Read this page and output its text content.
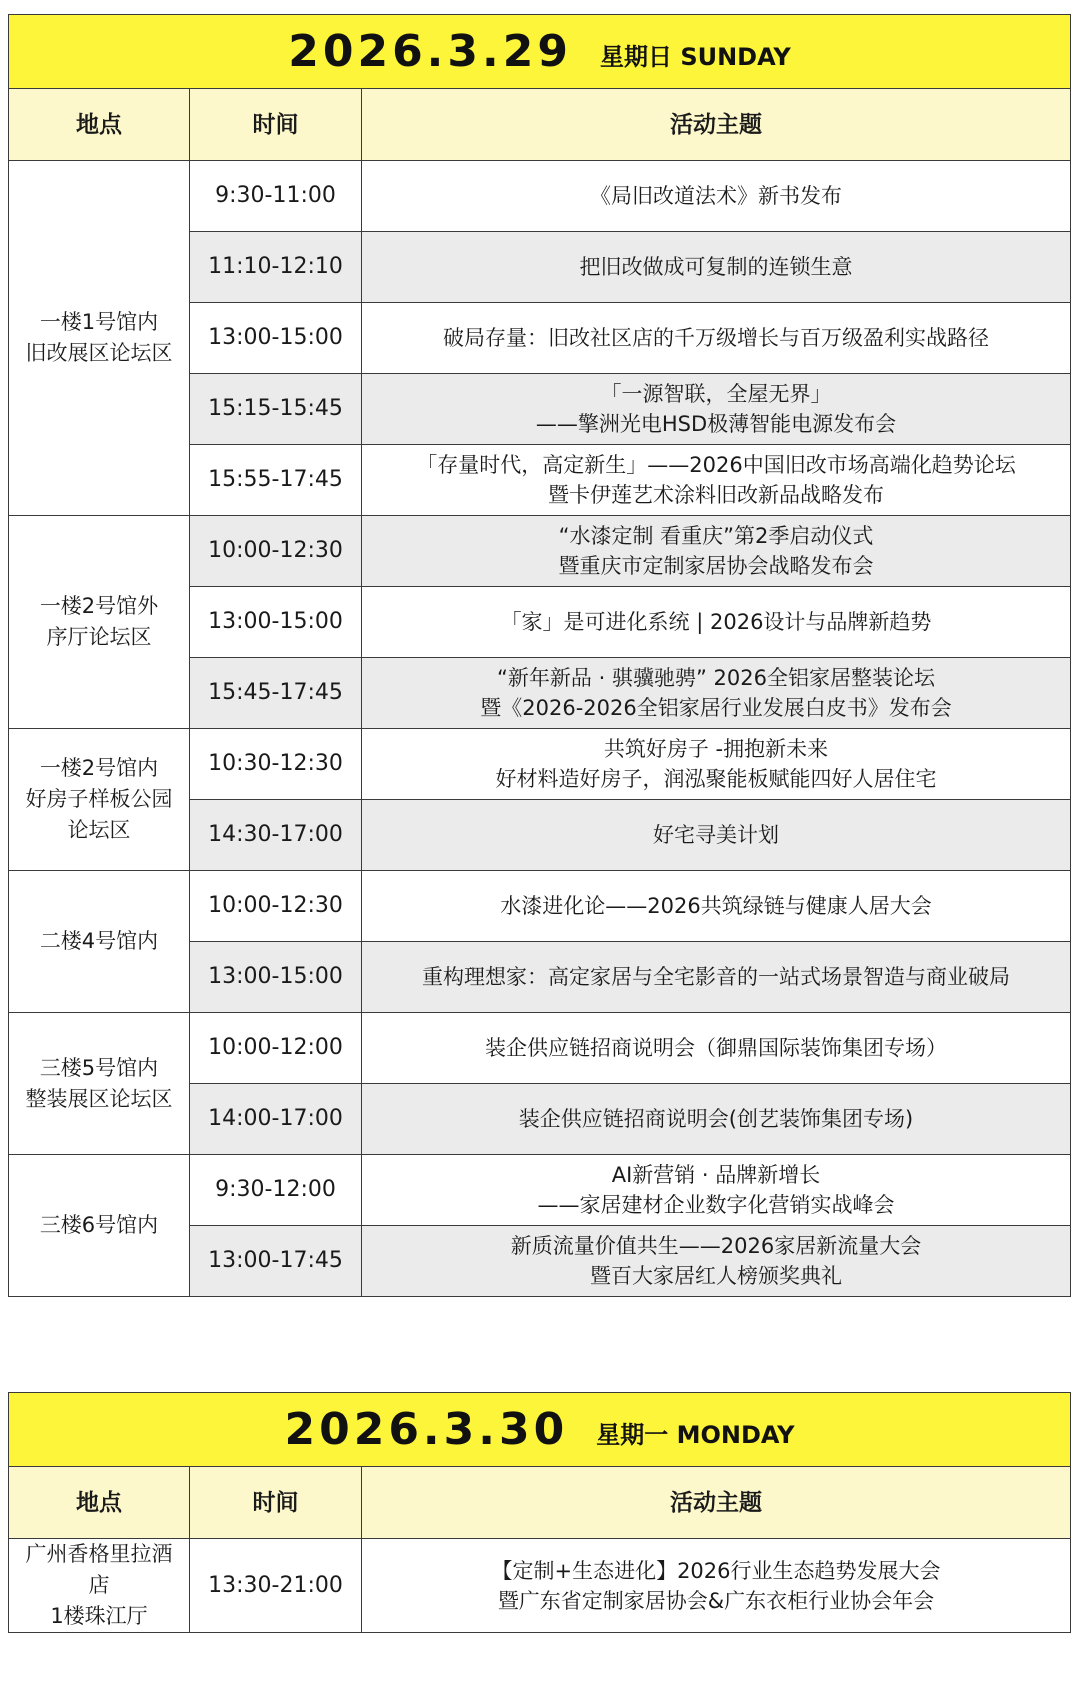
2026.3.29 星期日 SUNDAY
地点	时间	活动主题

一楼1号馆内
旧改展区论坛区	9:30-11:00	《局旧改道法术》新书发布

	11:10-12:10	把旧改做成可复制的连锁生意

	13:00-15:00	破局存量：旧改社区店的千万级增长与百万级盈利实战路径

	15:15-15:45	「一源智联，全屋无界」
——擎洲光电HSD极薄智能电源发布会

	15:55-17:45	「存量时代，高定新生」——2026中国旧改市场高端化趋势论坛
暨卡伊莲艺术涂料旧改新品战略发布

一楼2号馆外
序厅论坛区	10:00-12:30	“水漆定制 看重庆”第2季启动仪式
暨重庆市定制家居协会战略发布会

	13:00-15:00	「家」是可进化系统 | 2026设计与品牌新趋势

	15:45-17:45	“新年新品 · 骐骥驰骋” 2026全铝家居整装论坛
暨《2026-2026全铝家居行业发展白皮书》发布会

一楼2号馆内
好房子样板公园
论坛区	10:30-12:30	共筑好房子 -拥抱新未来
好材料造好房子，润泓聚能板赋能四好人居住宅

	14:30-17:00	好宅寻美计划

二楼4号馆内	10:00-12:30	水漆进化论——2026共筑绿链与健康人居大会

	13:00-15:00	重构理想家：高定家居与全宅影音的一站式场景智造与商业破局

三楼5号馆内
整装展区论坛区	10:00-12:00	装企供应链招商说明会（御鼎国际装饰集团专场）

	14:00-17:00	装企供应链招商说明会(创艺装饰集团专场)

三楼6号馆内	9:30-12:00	AI新营销 · 品牌新增长
——家居建材企业数字化营销实战峰会

	13:00-17:45	新质流量价值共生——2026家居新流量大会
暨百大家居红人榜颁奖典礼
2026.3.30 星期一 MONDAY
地点	时间	活动主题

广州香格里拉酒店
1楼珠江厅	13:30-21:00	【定制+生态进化】2026行业生态趋势发展大会
暨广东省定制家居协会&广东衣柜行业协会年会
